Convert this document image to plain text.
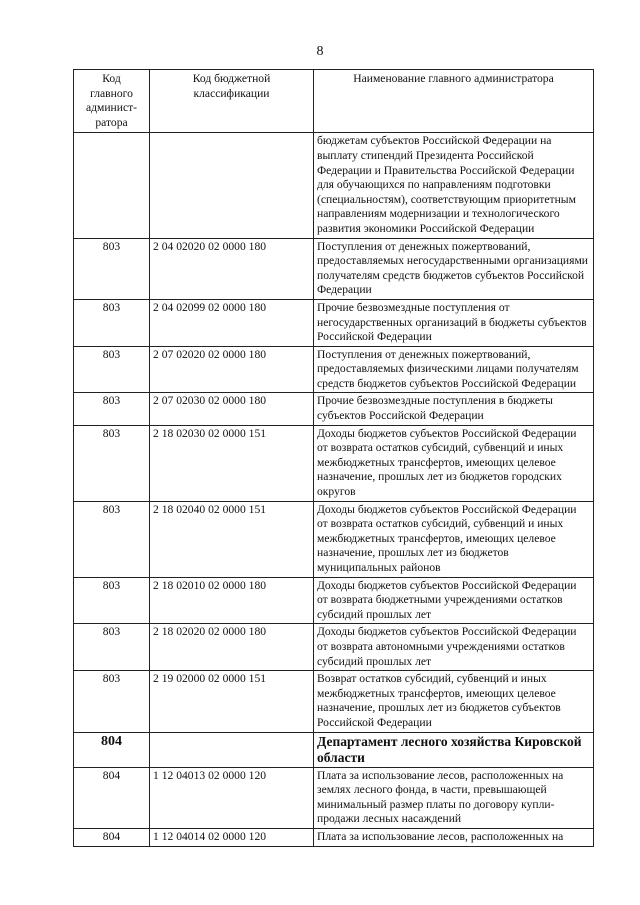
8
Код главного админист-ратора	Код бюджетной классификации	Наименование главного администратора
		бюджетам субъектов Российской Федерации на выплату стипендий Президента Российской Федерации и Правительства Российской Федерации для обучающихся по направлениям подготовки (специальностям), соответствующим приоритетным направлениям модернизации и технологического развития экономики Российской Федерации
803	2 04 02020 02 0000 180	Поступления от денежных пожертвований, предоставляемых негосударственными организациями получателям средств бюджетов субъектов Российской Федерации
803	2 04 02099 02 0000 180	Прочие безвозмездные поступления от негосударственных организаций в бюджеты субъектов Российской Федерации
803	2 07 02020 02 0000 180	Поступления от денежных пожертвований, предоставляемых физическими лицами получателям средств бюджетов субъектов Российской Федерации
803	2 07 02030 02 0000 180	Прочие безвозмездные поступления в бюджеты субъектов Российской Федерации
803	2 18 02030 02 0000 151	Доходы бюджетов субъектов Российской Федерации от возврата остатков субсидий, субвенций и иных межбюджетных трансфертов, имеющих целевое назначение, прошлых лет из бюджетов городских округов
803	2 18 02040 02 0000 151	Доходы бюджетов субъектов Российской Федерации от возврата остатков субсидий, субвенций и иных межбюджетных трансфертов, имеющих целевое назначение, прошлых лет из бюджетов муниципальных районов
803	2 18 02010 02 0000 180	Доходы бюджетов субъектов Российской Федерации от возврата бюджетными учреждениями остатков субсидий прошлых лет
803	2 18 02020 02 0000 180	Доходы бюджетов субъектов Российской Федерации от возврата автономными учреждениями остатков субсидий прошлых лет
803	2 19 02000 02 0000 151	Возврат остатков субсидий, субвенций и иных межбюджетных трансфертов, имеющих целевое назначение, прошлых лет из бюджетов субъектов Российской Федерации
804		Департамент лесного хозяйства Кировской области
804	1 12 04013 02 0000 120	Плата за использование лесов, расположенных на землях лесного фонда, в части, превышающей минимальный размер платы по договору купли-продажи лесных насаждений
804	1 12 04014 02 0000 120	Плата за использование лесов, расположенных на
